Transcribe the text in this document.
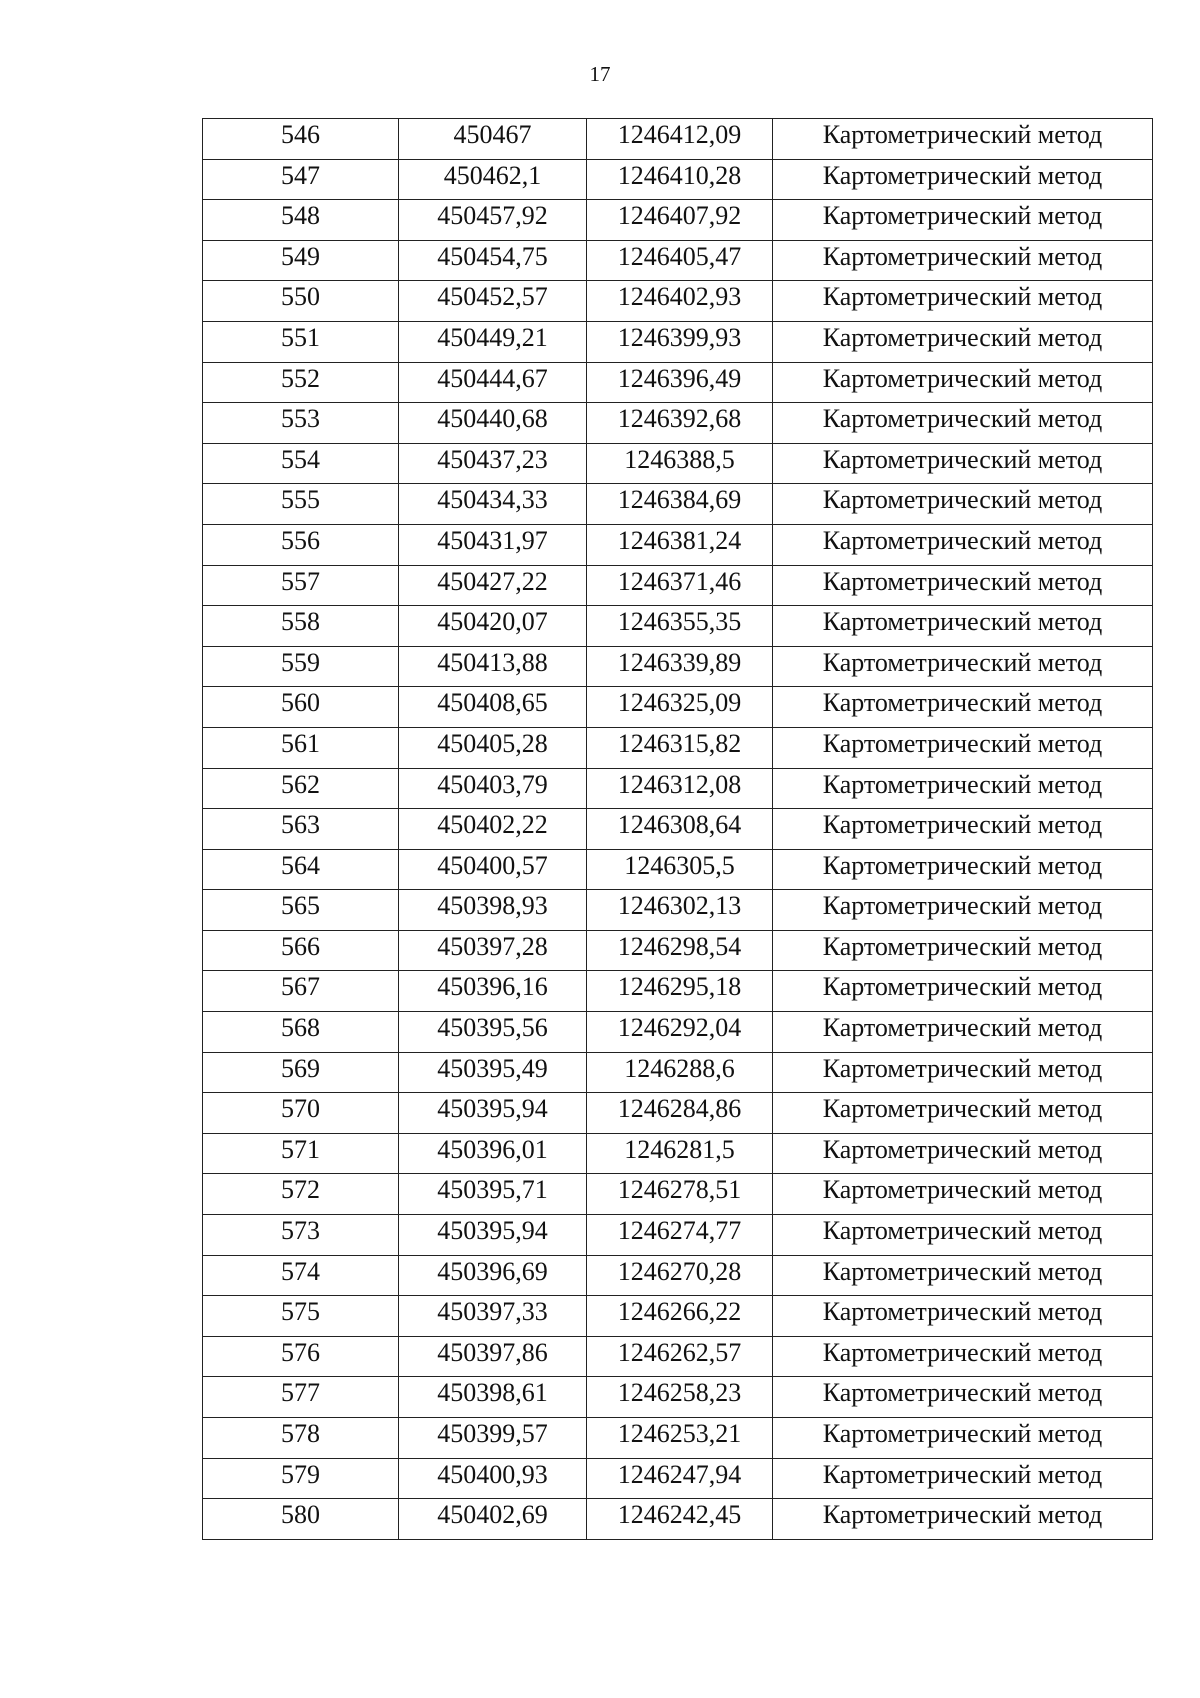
17
546	450467	1246412,09	Картометрический метод
547	450462,1	1246410,28	Картометрический метод
548	450457,92	1246407,92	Картометрический метод
549	450454,75	1246405,47	Картометрический метод
550	450452,57	1246402,93	Картометрический метод
551	450449,21	1246399,93	Картометрический метод
552	450444,67	1246396,49	Картометрический метод
553	450440,68	1246392,68	Картометрический метод
554	450437,23	1246388,5	Картометрический метод
555	450434,33	1246384,69	Картометрический метод
556	450431,97	1246381,24	Картометрический метод
557	450427,22	1246371,46	Картометрический метод
558	450420,07	1246355,35	Картометрический метод
559	450413,88	1246339,89	Картометрический метод
560	450408,65	1246325,09	Картометрический метод
561	450405,28	1246315,82	Картометрический метод
562	450403,79	1246312,08	Картометрический метод
563	450402,22	1246308,64	Картометрический метод
564	450400,57	1246305,5	Картометрический метод
565	450398,93	1246302,13	Картометрический метод
566	450397,28	1246298,54	Картометрический метод
567	450396,16	1246295,18	Картометрический метод
568	450395,56	1246292,04	Картометрический метод
569	450395,49	1246288,6	Картометрический метод
570	450395,94	1246284,86	Картометрический метод
571	450396,01	1246281,5	Картометрический метод
572	450395,71	1246278,51	Картометрический метод
573	450395,94	1246274,77	Картометрический метод
574	450396,69	1246270,28	Картометрический метод
575	450397,33	1246266,22	Картометрический метод
576	450397,86	1246262,57	Картометрический метод
577	450398,61	1246258,23	Картометрический метод
578	450399,57	1246253,21	Картометрический метод
579	450400,93	1246247,94	Картометрический метод
580	450402,69	1246242,45	Картометрический метод
